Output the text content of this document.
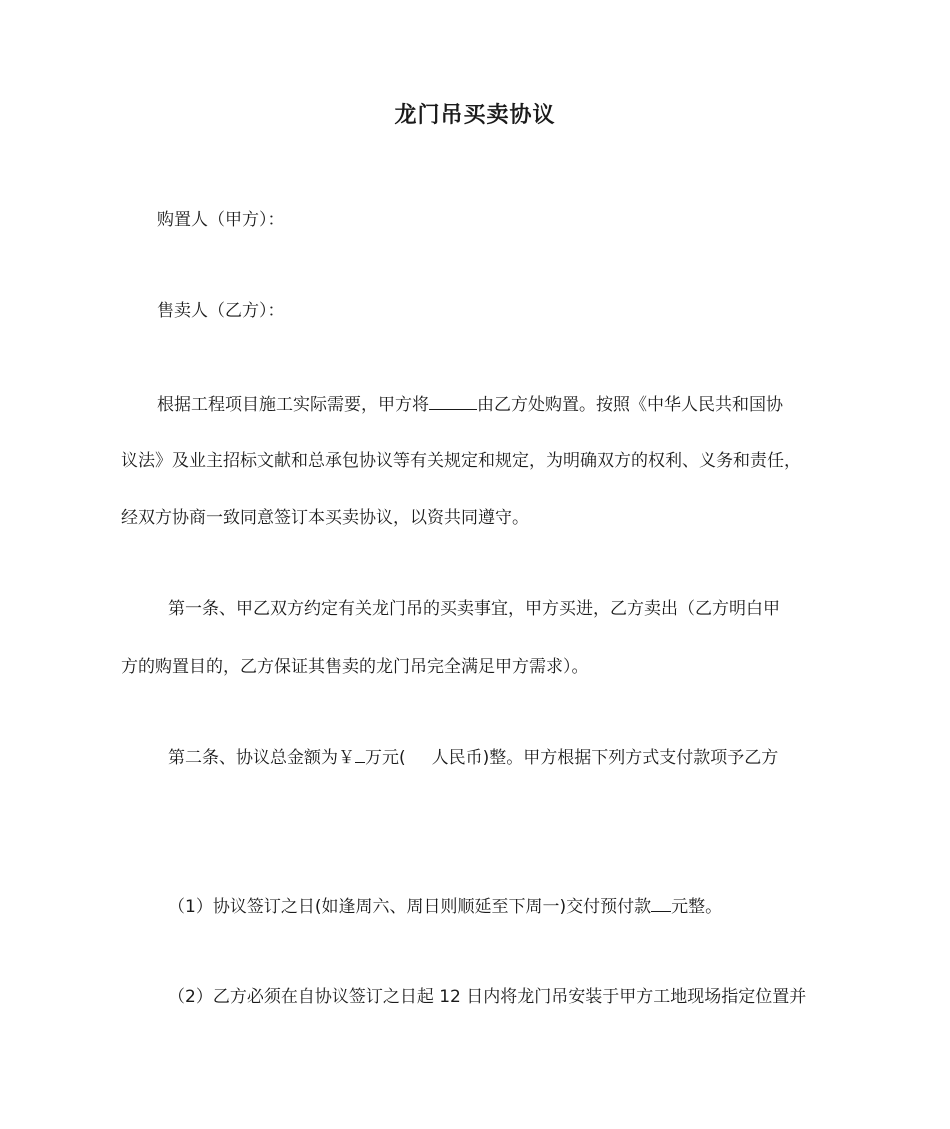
龙门吊买卖协议
购置人（甲方）：
售卖人（乙方）：
根据工程项目施工实际需要，甲方将	由乙方处购置。按照《中华人民共和国协
议法》及业主招标文献和总承包协议等有关规定和规定，为明确双方的权利、义务和责任，
经双方协商一致同意签订本买卖协议，以资共同遵守。
第一条、甲乙双方约定有关龙门吊的买卖事宜，甲方买进，乙方卖出（乙方明白甲
方的购置目的，乙方保证其售卖的龙门吊完全满足甲方需求）。
第二条、协议总金额为￥ 万元( 人民币)整。甲方根据下列方式支付款项予乙方
（1）协议签订之日(如逢周六、周日则顺延至下周一)交付预付款 元整。
（2）乙方必须在自协议签订之日起 12 日内将龙门吊安装于甲方工地现场指定位置并
